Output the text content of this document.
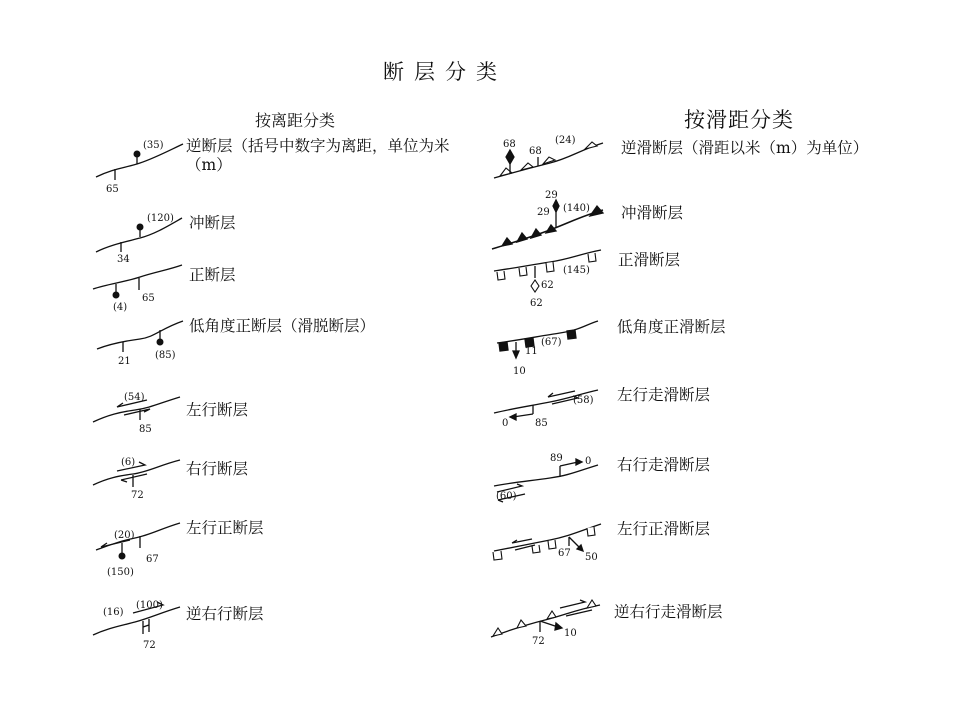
断层分类
按离距分类	按滑距分类
逆断层（括号中数字为离距，单位为米（m）
(35)
65
冲断层
(120)
34
正断层
(4)
65
低角度正断层（滑脱断层）
21
(85)
左行断层
(54)
85
右行断层
(6)
72
左行正断层
(20)
67
(150)
逆右行断层
(16)
(100)
72
逆滑断层（滑距以米（m）为单位）
68
68
(24)
冲滑断层
29
29 (140)
正滑断层
62
62
(145)
低角度正滑断层
11
(67)
10
左行走滑断层
0	85
(58)
右行走滑断层
89 0
(60)
左行正滑断层
67 50
逆右行走滑断层
72
10
